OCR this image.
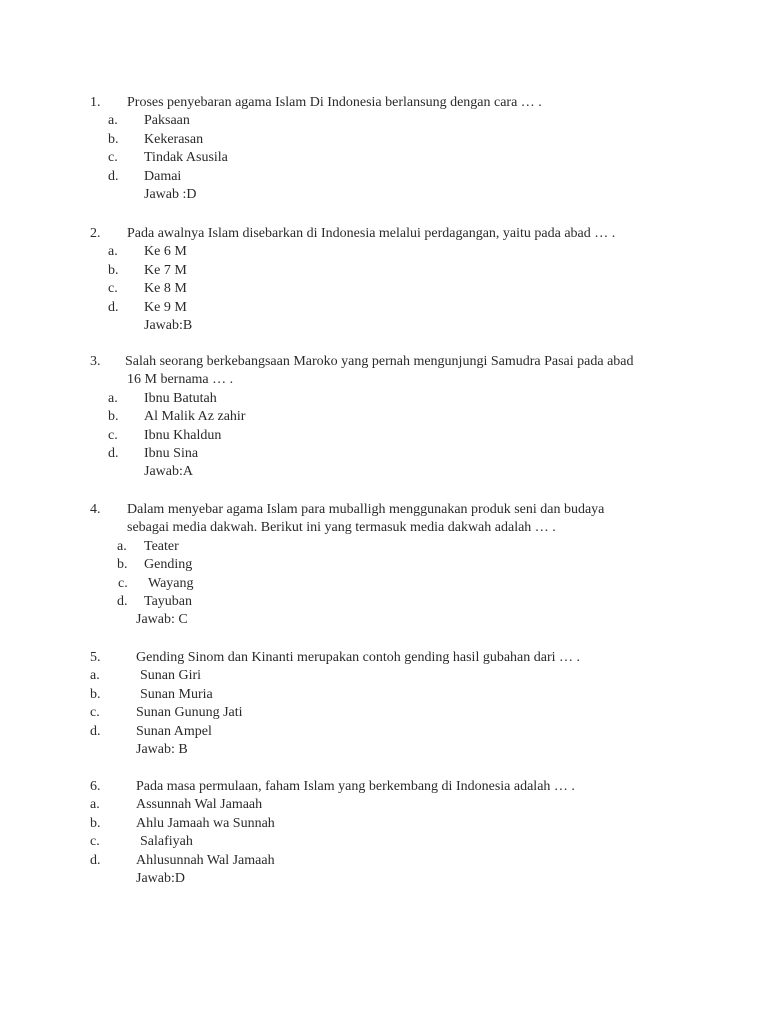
1. Proses penyebaran agama Islam Di Indonesia berlansung dengan cara … .
a. Paksaan
b. Kekerasan
c. Tindak Asusila
d. Damai
Jawab :D
2. Pada awalnya Islam disebarkan di Indonesia melalui perdagangan, yaitu pada abad … .
a. Ke 6 M
b. Ke 7 M
c. Ke 8 M
d. Ke 9 M
Jawab:B
3. Salah seorang berkebangsaan Maroko yang pernah mengunjungi Samudra Pasai pada abad
16 M bernama … .
a. Ibnu Batutah
b. Al Malik Az zahir
c. Ibnu Khaldun
d. Ibnu Sina
Jawab:A
4. Dalam menyebar agama Islam para muballigh menggunakan produk seni dan budaya
sebagai media dakwah. Berikut ini yang termasuk media dakwah adalah … .
a. Teater
b. Gending
c. Wayang
d. Tayuban
Jawab: C
5.	Gending Sinom dan Kinanti merupakan contoh gending hasil gubahan dari … .
a.	Sunan Giri
b.	Sunan Muria
c.	Sunan Gunung Jati
d.	Sunan Ampel
Jawab: B
6.	Pada masa permulaan, faham Islam yang berkembang di Indonesia adalah … .
a.	Assunnah Wal Jamaah
b.	Ahlu Jamaah wa Sunnah
c.	Salafiyah
d.	Ahlusunnah Wal Jamaah
Jawab:D
